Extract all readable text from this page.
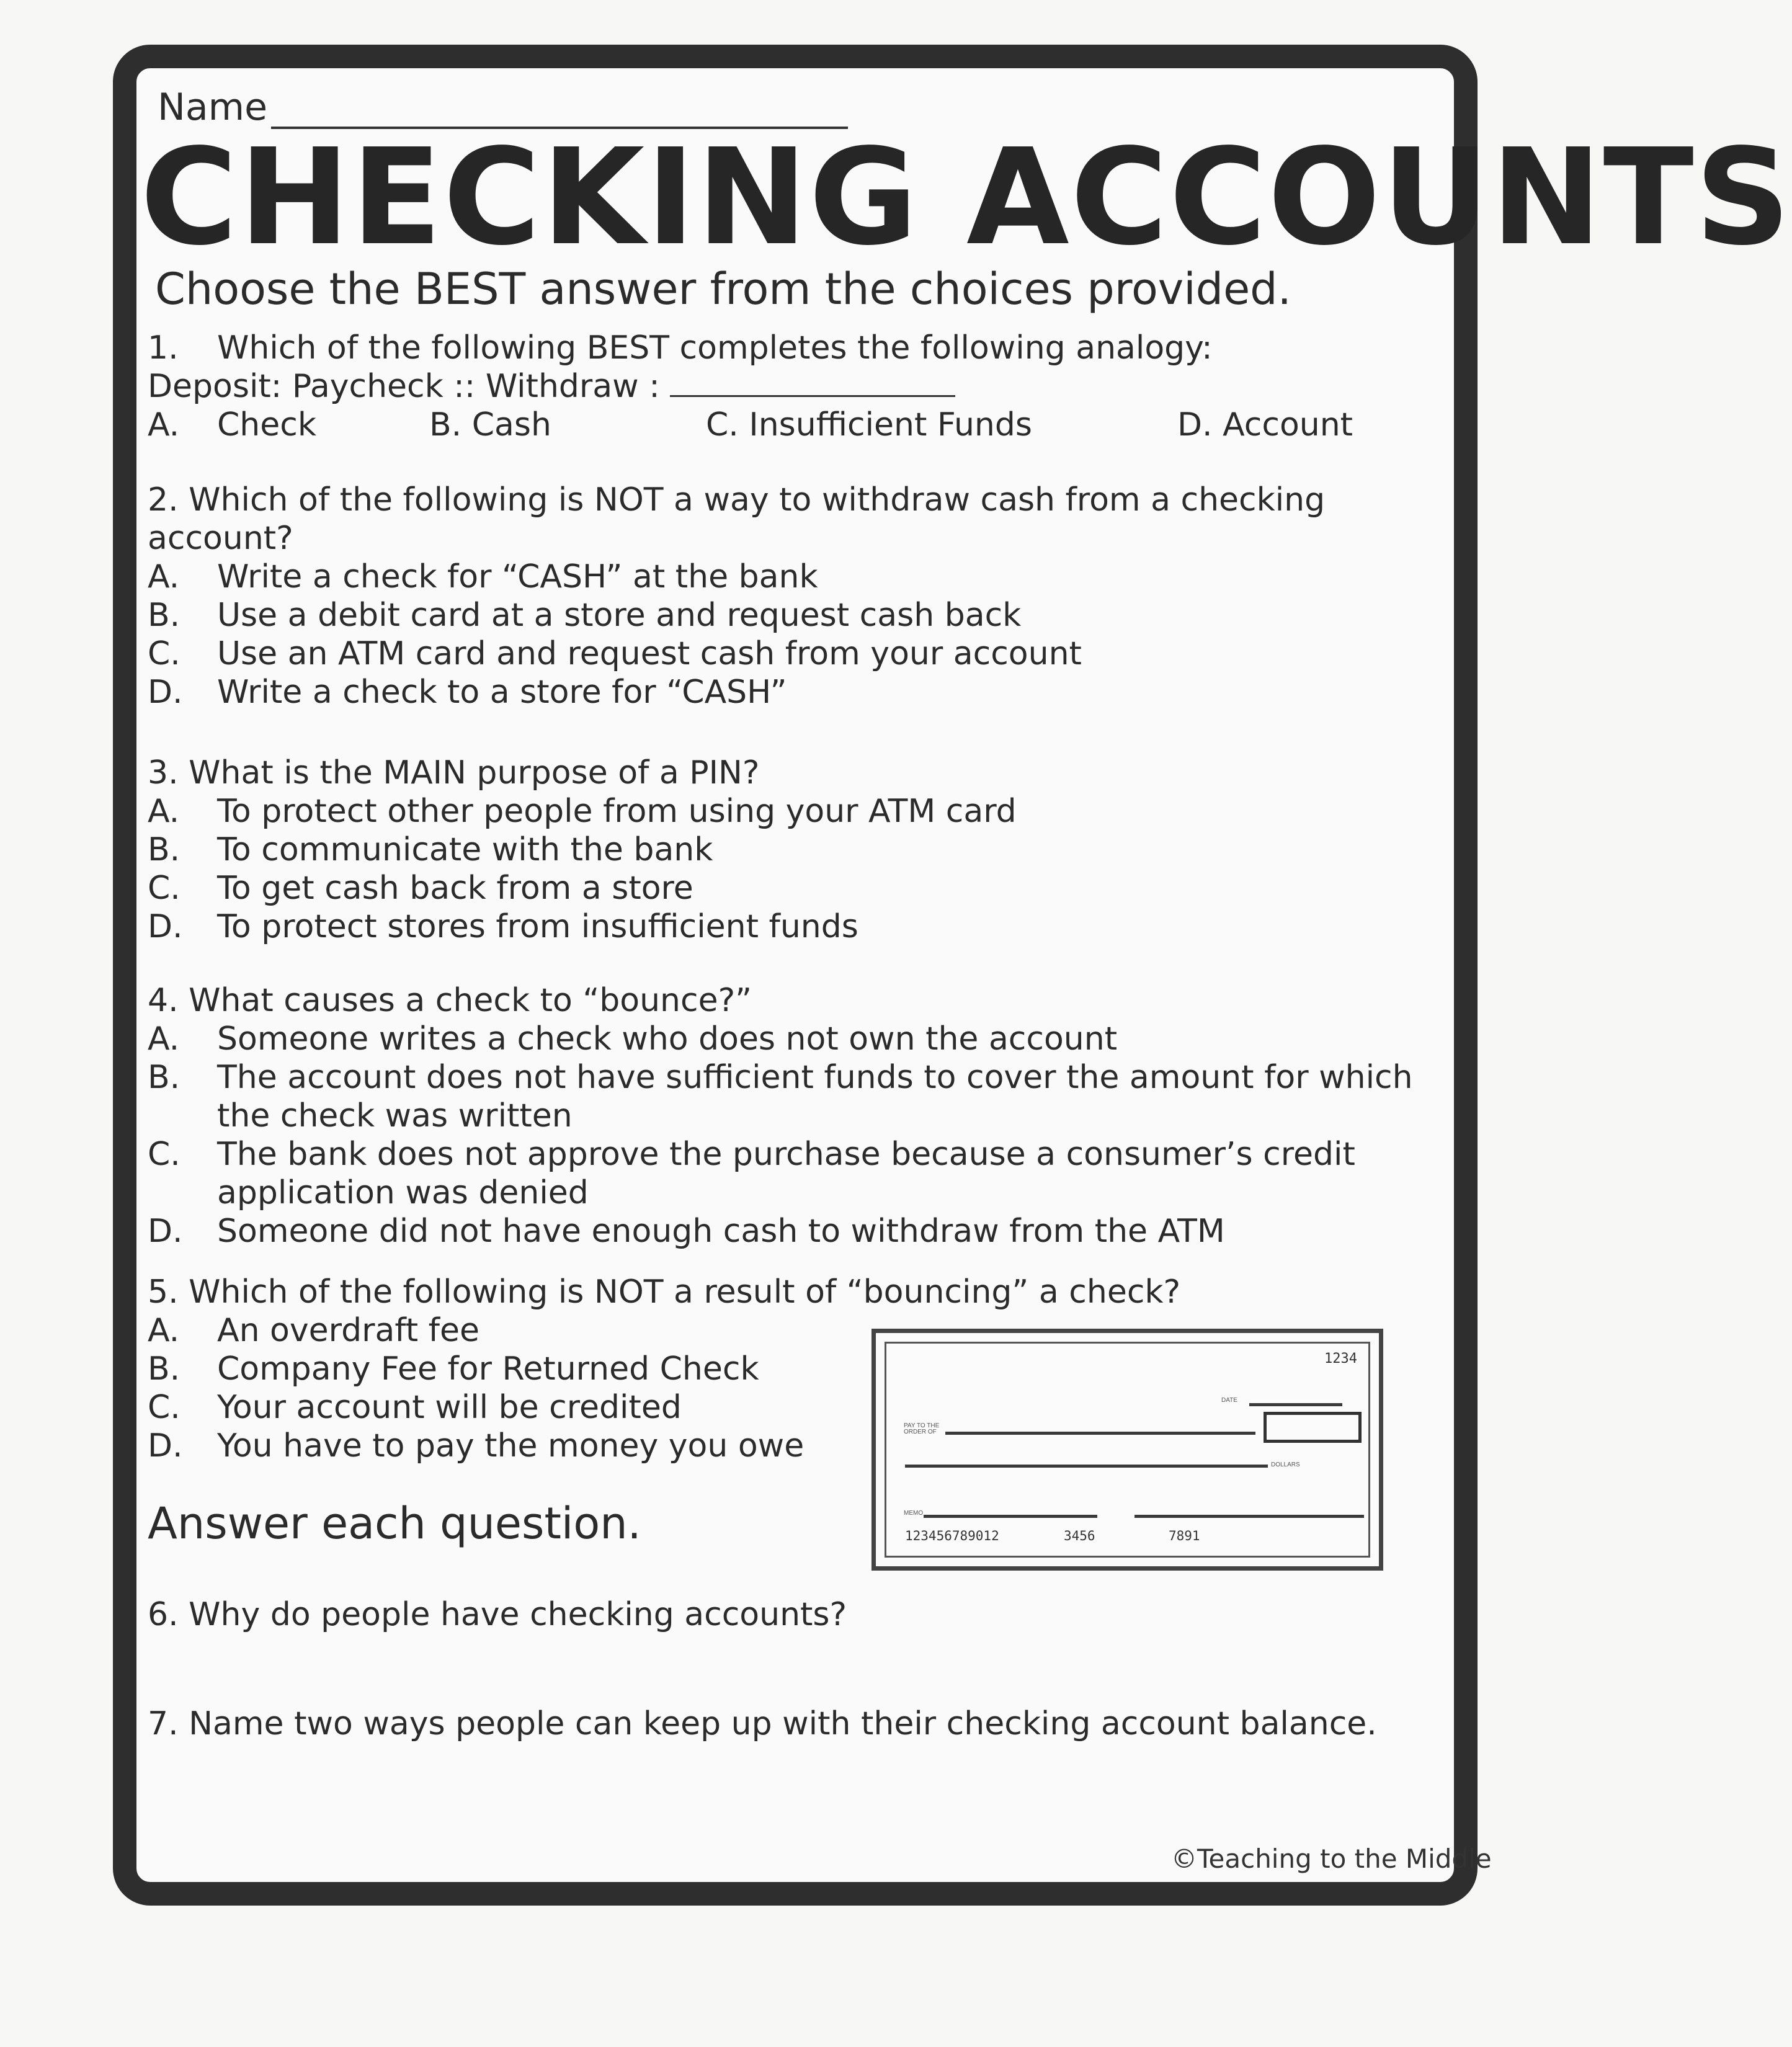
Name
CHECKING ACCOUNTS
Choose the BEST answer from the choices provided.
1.	Which of the following BEST completes the following analogy:
Deposit: Paycheck :: Withdraw :
A. Check	B. Cash	C. Insufficient Funds	D. Account
2. Which of the following is NOT a way to withdraw cash from a checking
account?
A.	Write a check for “CASH” at the bank
B.	Use a debit card at a store and request cash back
C.	Use an ATM card and request cash from your account
D.	Write a check to a store for “CASH”
3. What is the MAIN purpose of a PIN?
A.	To protect other people from using your ATM card
B.	To communicate with the bank
C.	To get cash back from a store
D.	To protect stores from insufficient funds
4. What causes a check to “bounce?”
A.	Someone writes a check who does not own the account
B.	The account does not have sufficient funds to cover the amount for which
the check was written
C.	The bank does not approve the purchase because a consumer’s credit
application was denied
D.	Someone did not have enough cash to withdraw from the ATM
5. Which of the following is NOT a result of “bouncing” a check?
A.	An overdraft fee
B.	Company Fee for Returned Check
C.	Your account will be credited
D.	You have to pay the money you owe
1234
DATE
PAY TO THE ORDER OF
DOLLARS
MEMO
123456789012	3456	7891
Answer each question.
6. Why do people have checking accounts?
7. Name two ways people can keep up with their checking account balance.
©Teaching to the Middle
